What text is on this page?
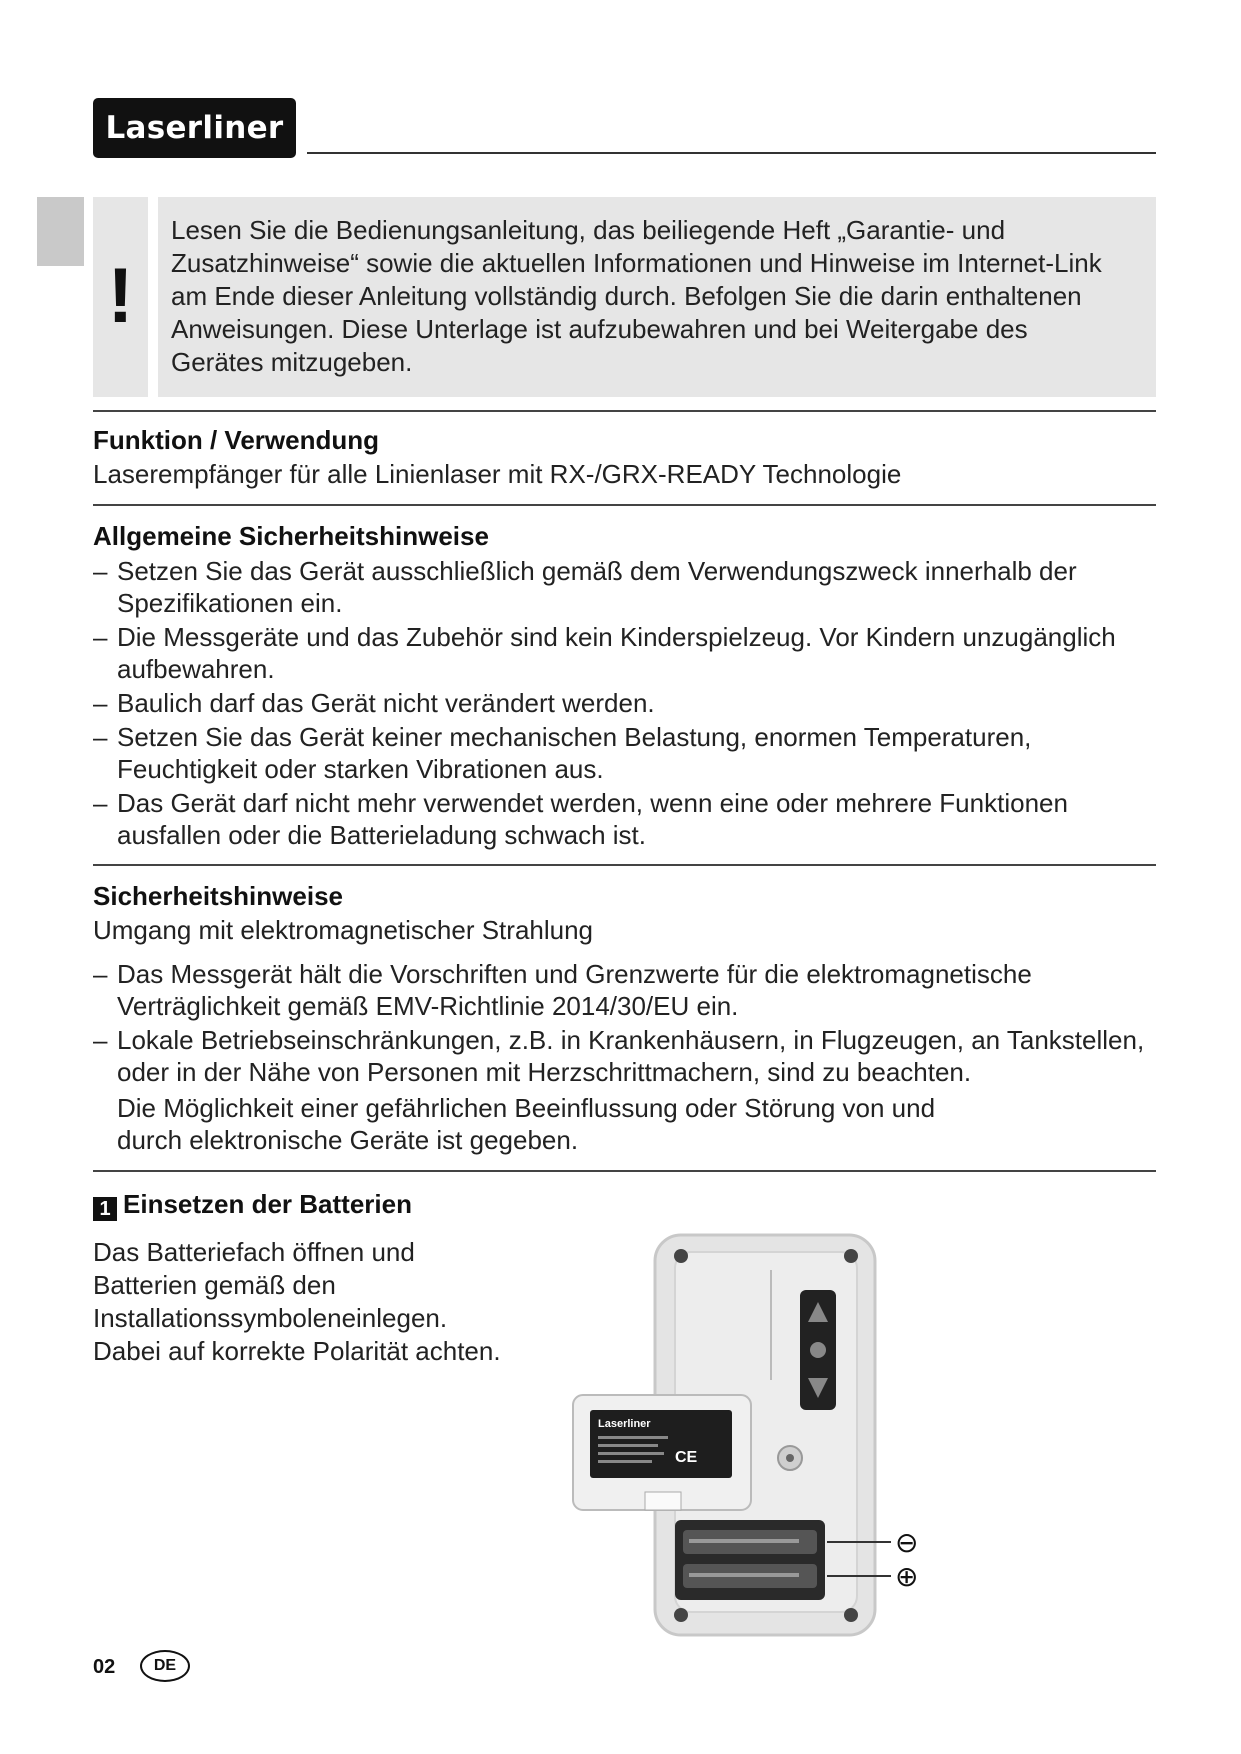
Laserliner
!
Lesen Sie die Bedienungsanleitung, das beiliegende Heft „Garantie- und
Zusatzhinweise“ sowie die aktuellen Informationen und Hinweise im Internet-Link
am Ende dieser Anleitung vollständig durch. Befolgen Sie die darin enthaltenen
Anweisungen. Diese Unterlage ist aufzubewahren und bei Weitergabe des
Gerätes mitzugeben.
Funktion / Verwendung
Laserempfänger für alle Linienlaser mit RX-/GRX-READY Technologie
Allgemeine Sicherheitshinweise
– Setzen Sie das Gerät ausschließlich gemäß dem Verwendungszweck innerhalb der
Spezifikationen ein.
– Die Messgeräte und das Zubehör sind kein Kinderspielzeug. Vor Kindern unzugänglich
aufbewahren.
– Baulich darf das Gerät nicht verändert werden.
– Setzen Sie das Gerät keiner mechanischen Belastung, enormen Temperaturen,
Feuchtigkeit oder starken Vibrationen aus.
– Das Gerät darf nicht mehr verwendet werden, wenn eine oder mehrere Funktionen
ausfallen oder die Batterieladung schwach ist.
Sicherheitshinweise
Umgang mit elektromagnetischer Strahlung
– Das Messgerät hält die Vorschriften und Grenzwerte für die elektromagnetische
Verträglichkeit gemäß EMV-Richtlinie 2014/30/EU ein.
– Lokale Betriebseinschränkungen, z.B. in Krankenhäusern, in Flugzeugen, an Tankstellen,
oder in der Nähe von Personen mit Herzschrittmachern, sind zu beachten.
Die Möglichkeit einer gefährlichen Beeinflussung oder Störung von und
durch elektronische Geräte ist gegeben.
1 Einsetzen der Batterien
Das Batteriefach öffnen und
Batterien gemäß den
Installationssymboleneinlegen.
Dabei auf korrekte Polarität achten.
Laserliner
CE
⊖
⊕
02	DE
